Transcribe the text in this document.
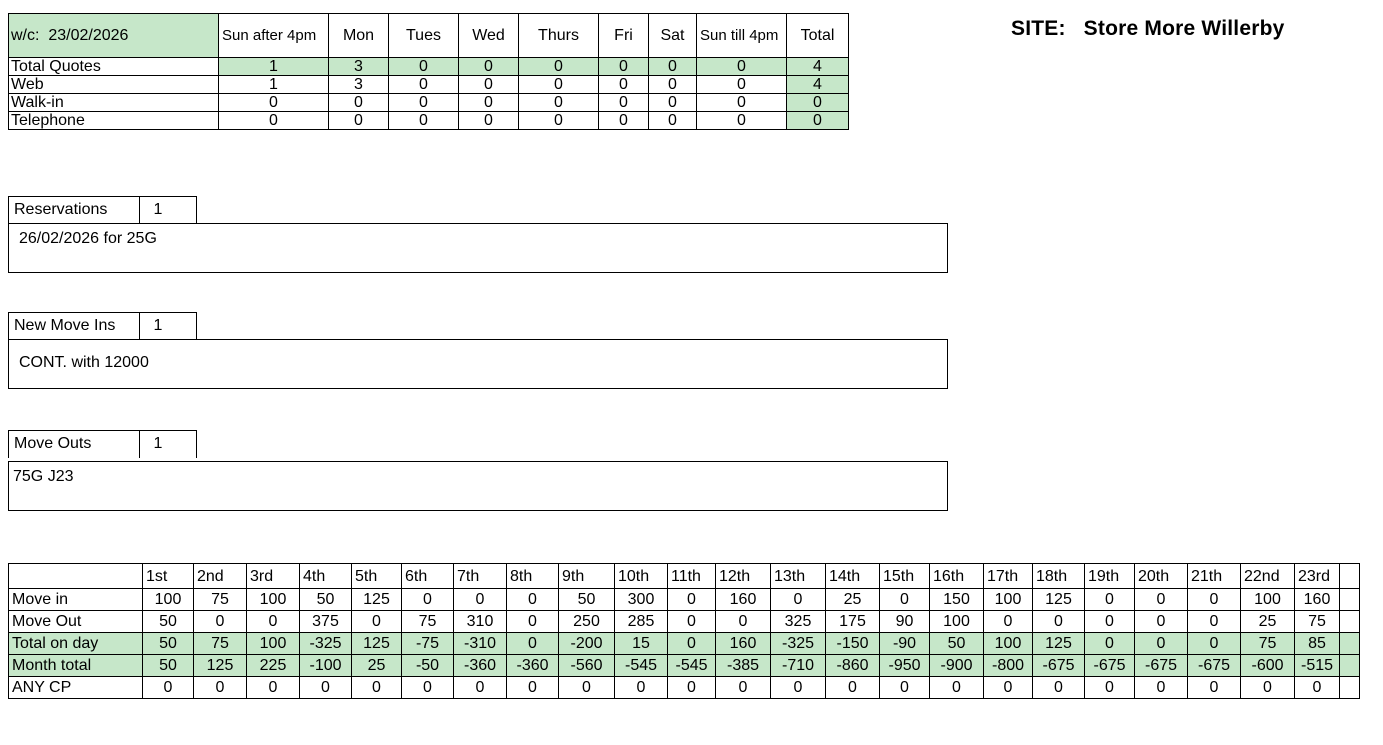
w/c: 23/02/2026	Sun after 4pm	Mon	Tues	Wed	Thurs	Fri	Sat	Sun till 4pm	Total
Total Quotes	1	3	0	0	0	0	0	0	4
Web	1	3	0	0	0	0	0	0	4
Walk-in	0	0	0	0	0	0	0	0	0
Telephone	0	0	0	0	0	0	0	0	0
SITE: Store More Willerby
Reservations	1
26/02/2026 for 25G
New Move Ins	1
CONT. with 12000
Move Outs	1
75G J23
	1st	2nd	3rd	4th	5th	6th	7th	8th	9th	10th	11th	12th	13th	14th	15th	16th	17th	18th	19th	20th	21th	22nd	23rd	
Move in	100	75	100	50	125	0	0	0	50	300	0	160	0	25	0	150	100	125	0	0	0	100	160	
Move Out	50	0	0	375	0	75	310	0	250	285	0	0	325	175	90	100	0	0	0	0	0	25	75	
Total on day	50	75	100	-325	125	-75	-310	0	-200	15	0	160	-325	-150	-90	50	100	125	0	0	0	75	85	
Month total	50	125	225	-100	25	-50	-360	-360	-560	-545	-545	-385	-710	-860	-950	-900	-800	-675	-675	-675	-675	-600	-515	
ANY CP	0	0	0	0	0	0	0	0	0	0	0	0	0	0	0	0	0	0	0	0	0	0	0	
